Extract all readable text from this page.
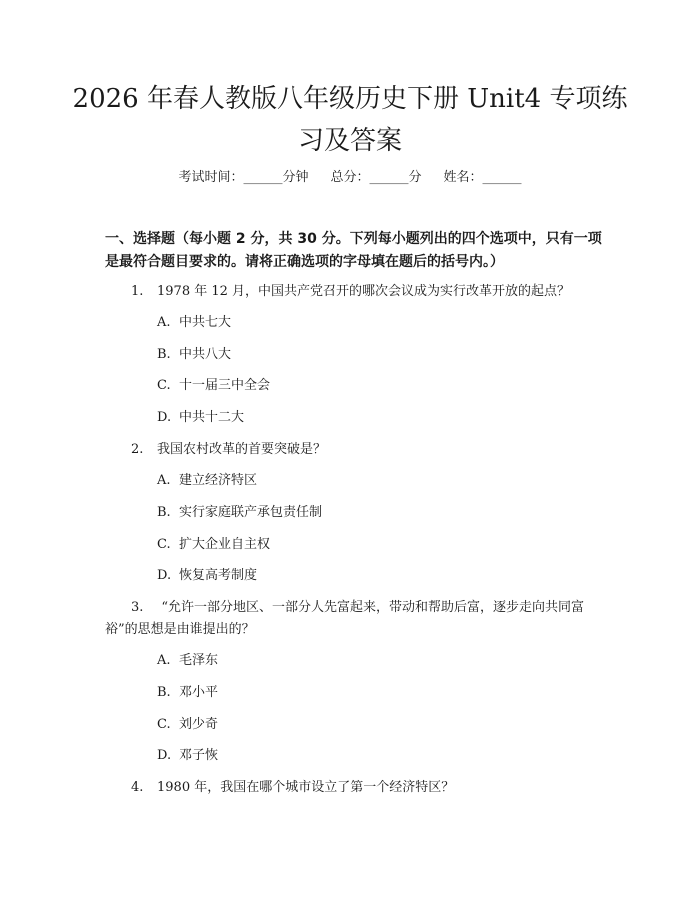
2026 年春人教版八年级历史下册 Unit4 专项练习及答案
考试时间：______分钟 总分：______分 姓名：______

一、选择题（每小题 2 分，共 30 分。下列每小题列出的四个选项中，只有一项是最符合题目要求的。请将正确选项的字母填在题后的括号内。）

1. 1978 年 12 月，中国共产党召开的哪次会议成为实行改革开放的起点？
A. 中共七大
B. 中共八大
C. 十一届三中全会
D. 中共十二大
2. 我国农村改革的首要突破是？
A. 建立经济特区
B. 实行家庭联产承包责任制
C. 扩大企业自主权
D. 恢复高考制度
3. “允许一部分地区、一部分人先富起来，带动和帮助后富，逐步走向共同富裕”的思想是由谁提出的？
A. 毛泽东
B. 邓小平
C. 刘少奇
D. 邓子恢
4. 1980 年，我国在哪个城市设立了第一个经济特区？
